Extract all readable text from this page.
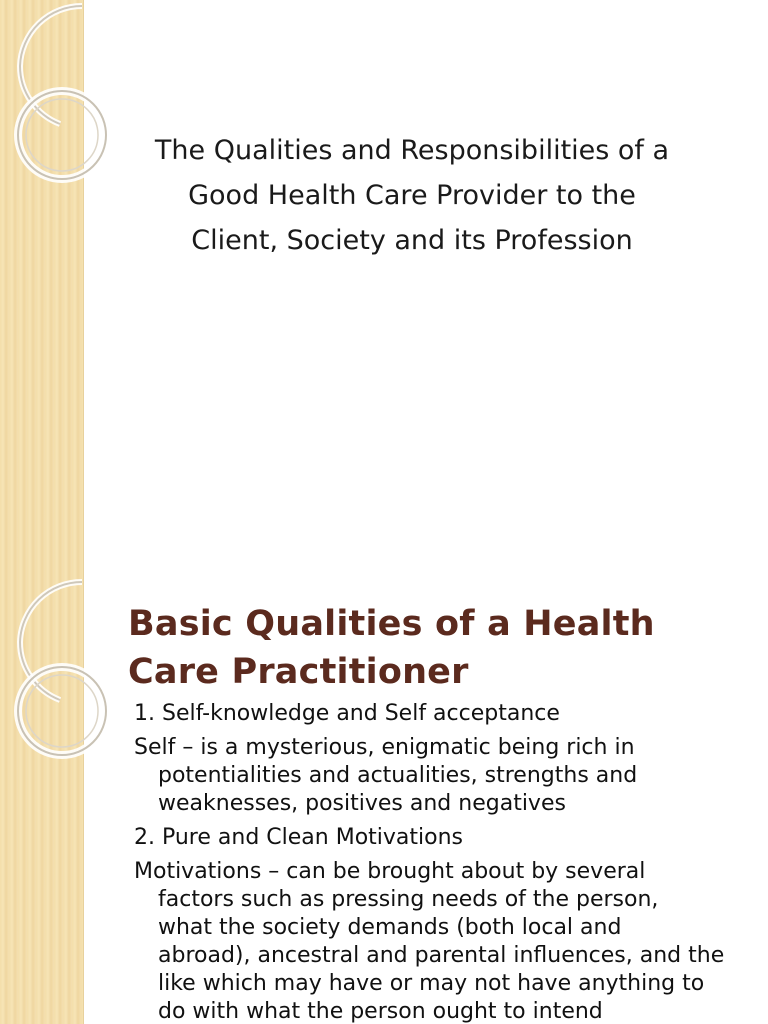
The Qualities and Responsibilities of a
Good Health Care Provider to the
Client, Society and its Profession
Basic Qualities of a Health
Care Practitioner
1. Self-knowledge and Self acceptance
Self – is a mysterious, enigmatic being rich in
potentialities and actualities, strengths and
weaknesses, positives and negatives
2. Pure and Clean Motivations
Motivations – can be brought about by several
factors such as pressing needs of the person,
what the society demands (both local and
abroad), ancestral and parental influences, and the
like which may have or may not have anything to
do with what the person ought to intend
